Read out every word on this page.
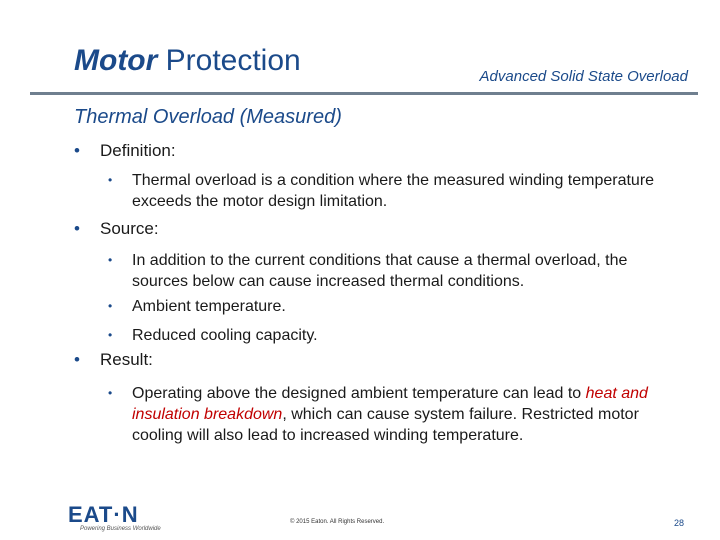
Motor Protection	Advanced Solid State Overload
Thermal Overload (Measured)
• Definition:
• Thermal overload is a condition where the measured winding temperature exceeds the motor design limitation.
• Source:
• In addition to the current conditions that cause a thermal overload, the sources below can cause increased thermal conditions.
• Ambient temperature.
• Reduced cooling capacity.
• Result:
• Operating above the designed ambient temperature can lead to heat and insulation breakdown, which can cause system failure. Restricted motor cooling will also lead to increased winding temperature.
EAT·N
Powering Business Worldwide
© 2015 Eaton. All Rights Reserved.	28
